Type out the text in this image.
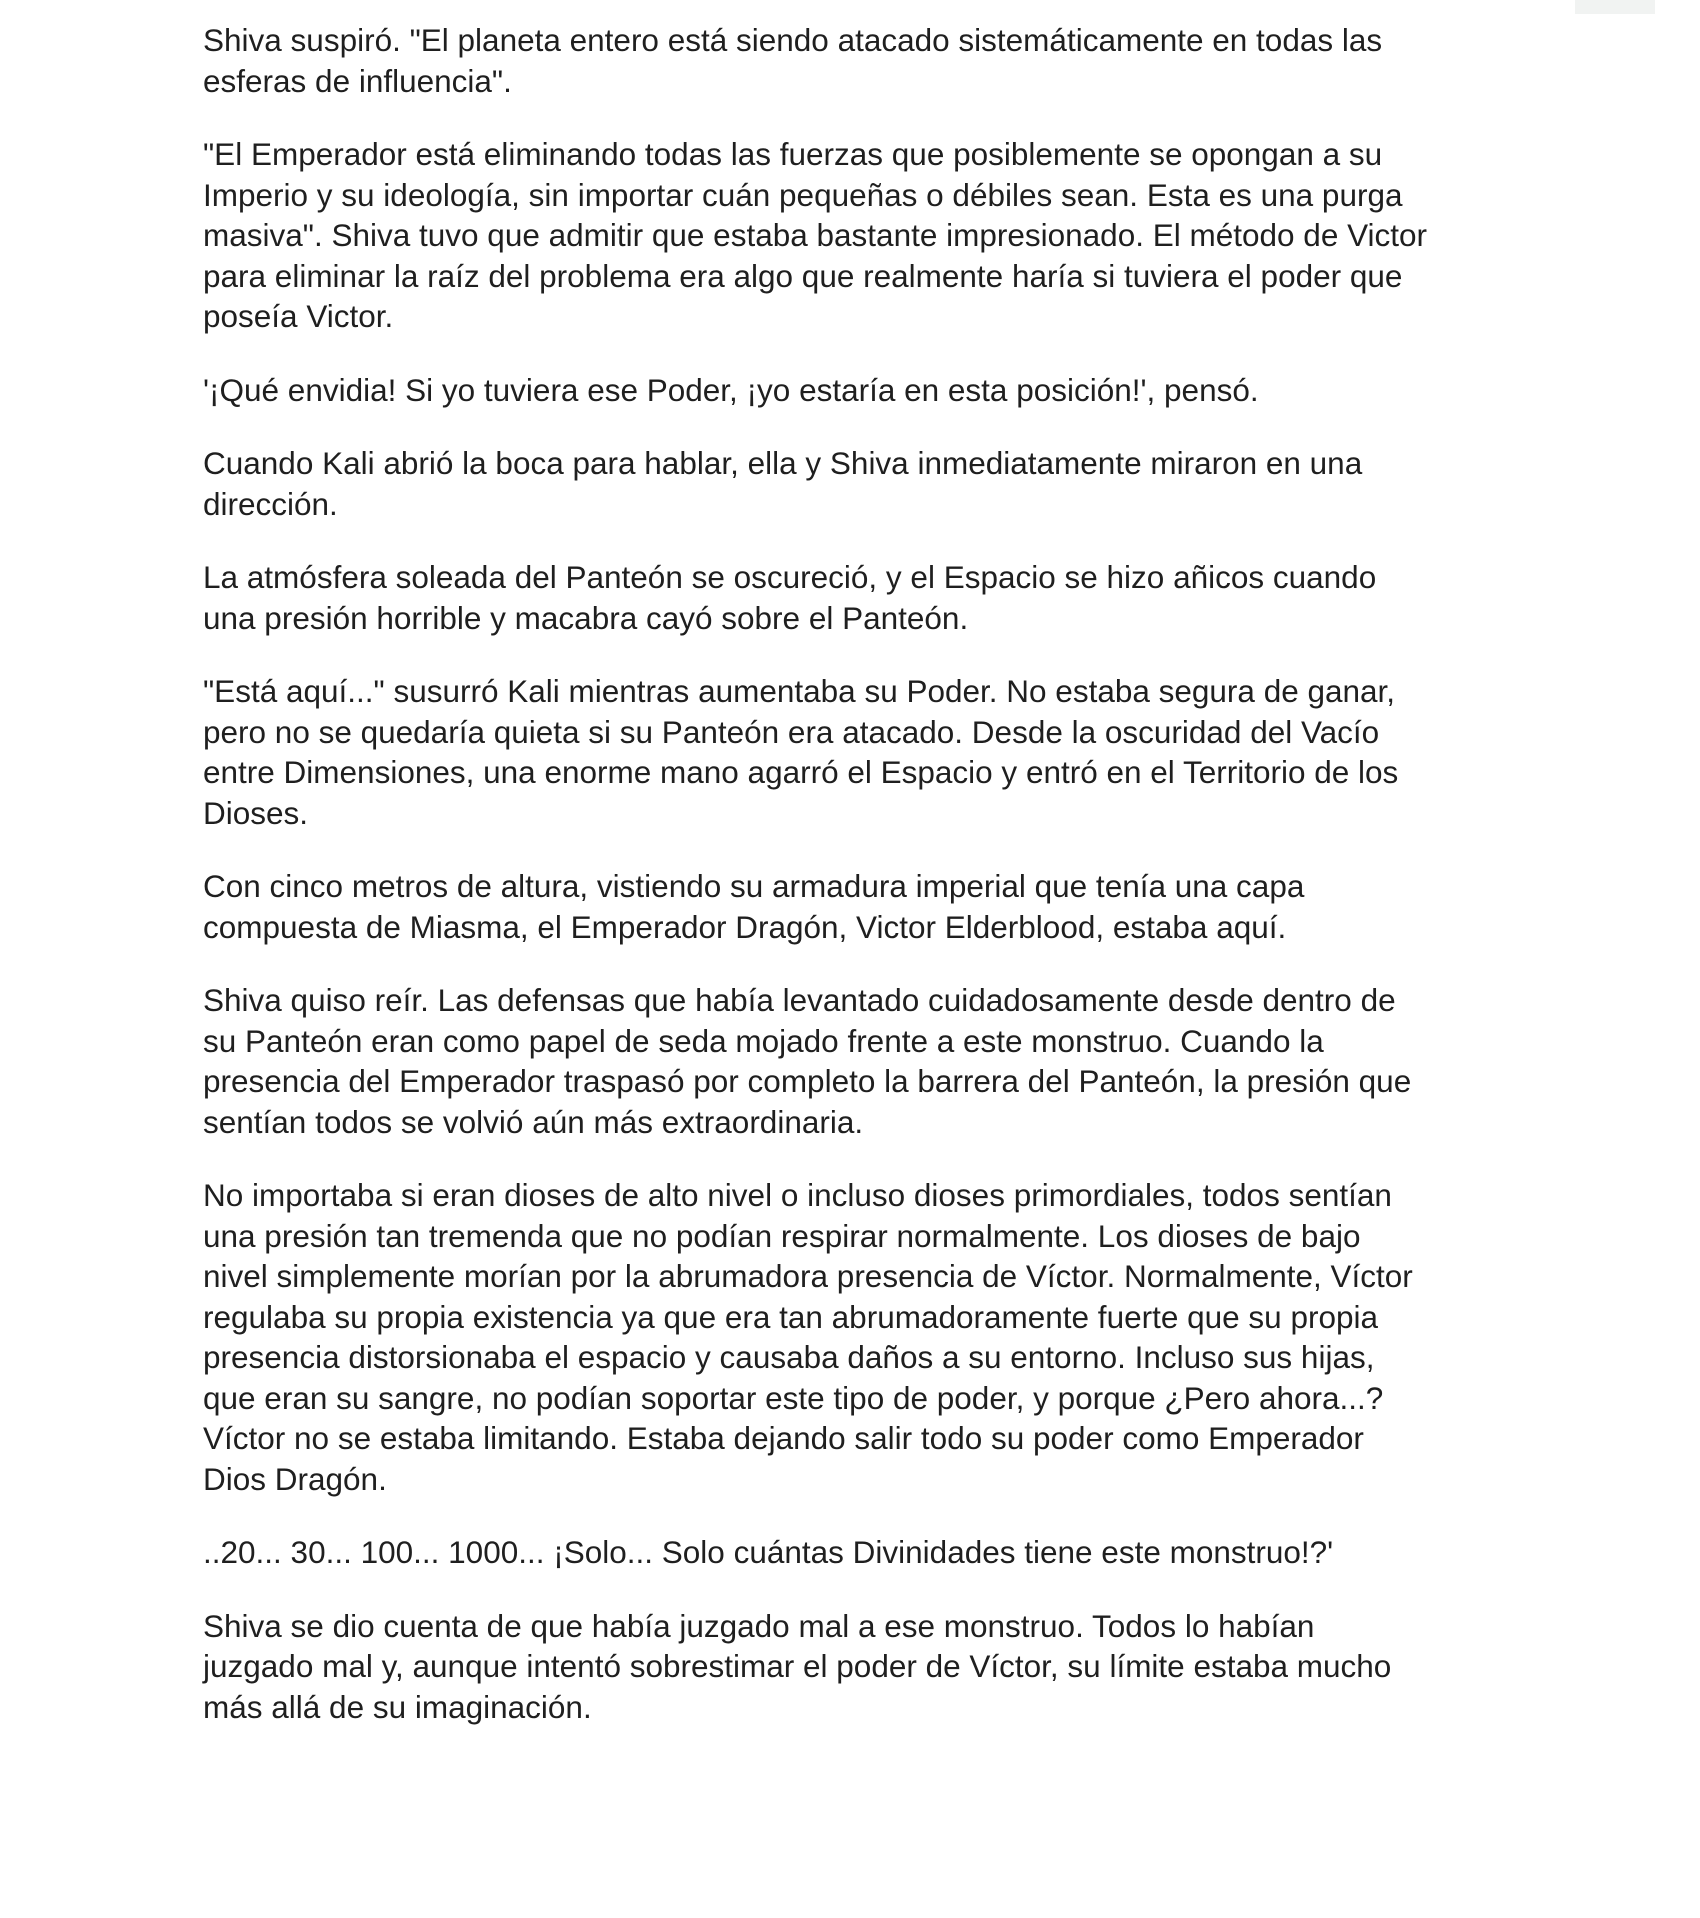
Shiva suspiró. "El planeta entero está siendo atacado sistemáticamente en todas las
esferas de influencia".

"El Emperador está eliminando todas las fuerzas que posiblemente se opongan a su
Imperio y su ideología, sin importar cuán pequeñas o débiles sean. Esta es una purga
masiva". Shiva tuvo que admitir que estaba bastante impresionado. El método de Victor
para eliminar la raíz del problema era algo que realmente haría si tuviera el poder que
poseía Victor.

'¡Qué envidia! Si yo tuviera ese Poder, ¡yo estaría en esta posición!', pensó.

Cuando Kali abrió la boca para hablar, ella y Shiva inmediatamente miraron en una
dirección.

La atmósfera soleada del Panteón se oscureció, y el Espacio se hizo añicos cuando
una presión horrible y macabra cayó sobre el Panteón.

"Está aquí..." susurró Kali mientras aumentaba su Poder. No estaba segura de ganar,
pero no se quedaría quieta si su Panteón era atacado. Desde la oscuridad del Vacío
entre Dimensiones, una enorme mano agarró el Espacio y entró en el Territorio de los
Dioses.

Con cinco metros de altura, vistiendo su armadura imperial que tenía una capa
compuesta de Miasma, el Emperador Dragón, Victor Elderblood, estaba aquí.

Shiva quiso reír. Las defensas que había levantado cuidadosamente desde dentro de
su Panteón eran como papel de seda mojado frente a este monstruo. Cuando la
presencia del Emperador traspasó por completo la barrera del Panteón, la presión que
sentían todos se volvió aún más extraordinaria.

No importaba si eran dioses de alto nivel o incluso dioses primordiales, todos sentían
una presión tan tremenda que no podían respirar normalmente. Los dioses de bajo
nivel simplemente morían por la abrumadora presencia de Víctor. Normalmente, Víctor
regulaba su propia existencia ya que era tan abrumadoramente fuerte que su propia
presencia distorsionaba el espacio y causaba daños a su entorno. Incluso sus hijas,
que eran su sangre, no podían soportar este tipo de poder, y porque ¿Pero ahora...?
Víctor no se estaba limitando. Estaba dejando salir todo su poder como Emperador
Dios Dragón.

..20... 30... 100... 1000... ¡Solo... Solo cuántas Divinidades tiene este monstruo!?'

Shiva se dio cuenta de que había juzgado mal a ese monstruo. Todos lo habían
juzgado mal y, aunque intentó sobrestimar el poder de Víctor, su límite estaba mucho
más allá de su imaginación.
